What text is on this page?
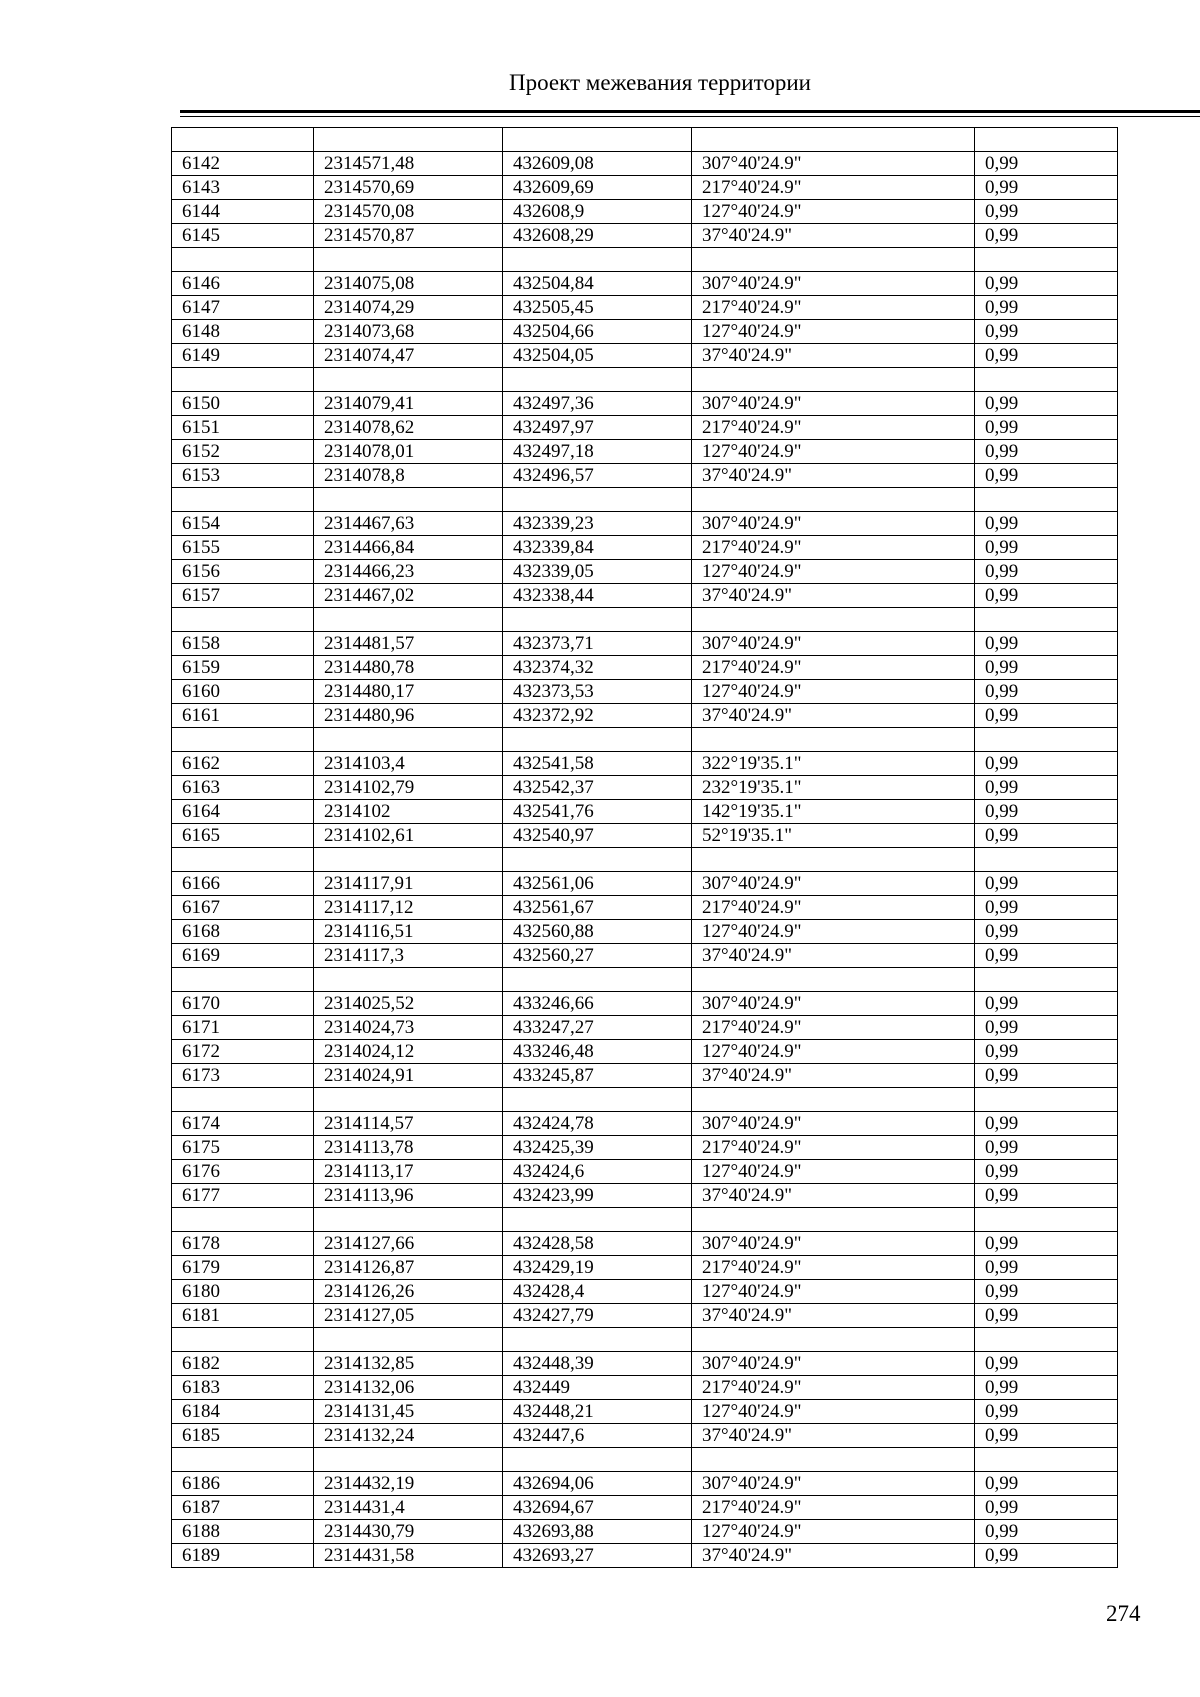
Проект межевания территории

6142	2314571,48	432609,08	307°40'24.9"	0,99
6143	2314570,69	432609,69	217°40'24.9"	0,99
6144	2314570,08	432608,9	127°40'24.9"	0,99
6145	2314570,87	432608,29	37°40'24.9"	0,99

6146	2314075,08	432504,84	307°40'24.9"	0,99
6147	2314074,29	432505,45	217°40'24.9"	0,99
6148	2314073,68	432504,66	127°40'24.9"	0,99
6149	2314074,47	432504,05	37°40'24.9"	0,99

6150	2314079,41	432497,36	307°40'24.9"	0,99
6151	2314078,62	432497,97	217°40'24.9"	0,99
6152	2314078,01	432497,18	127°40'24.9"	0,99
6153	2314078,8	432496,57	37°40'24.9"	0,99

6154	2314467,63	432339,23	307°40'24.9"	0,99
6155	2314466,84	432339,84	217°40'24.9"	0,99
6156	2314466,23	432339,05	127°40'24.9"	0,99
6157	2314467,02	432338,44	37°40'24.9"	0,99

6158	2314481,57	432373,71	307°40'24.9"	0,99
6159	2314480,78	432374,32	217°40'24.9"	0,99
6160	2314480,17	432373,53	127°40'24.9"	0,99
6161	2314480,96	432372,92	37°40'24.9"	0,99

6162	2314103,4	432541,58	322°19'35.1"	0,99
6163	2314102,79	432542,37	232°19'35.1"	0,99
6164	2314102	432541,76	142°19'35.1"	0,99
6165	2314102,61	432540,97	52°19'35.1"	0,99

6166	2314117,91	432561,06	307°40'24.9"	0,99
6167	2314117,12	432561,67	217°40'24.9"	0,99
6168	2314116,51	432560,88	127°40'24.9"	0,99
6169	2314117,3	432560,27	37°40'24.9"	0,99

6170	2314025,52	433246,66	307°40'24.9"	0,99
6171	2314024,73	433247,27	217°40'24.9"	0,99
6172	2314024,12	433246,48	127°40'24.9"	0,99
6173	2314024,91	433245,87	37°40'24.9"	0,99

6174	2314114,57	432424,78	307°40'24.9"	0,99
6175	2314113,78	432425,39	217°40'24.9"	0,99
6176	2314113,17	432424,6	127°40'24.9"	0,99
6177	2314113,96	432423,99	37°40'24.9"	0,99

6178	2314127,66	432428,58	307°40'24.9"	0,99
6179	2314126,87	432429,19	217°40'24.9"	0,99
6180	2314126,26	432428,4	127°40'24.9"	0,99
6181	2314127,05	432427,79	37°40'24.9"	0,99

6182	2314132,85	432448,39	307°40'24.9"	0,99
6183	2314132,06	432449	217°40'24.9"	0,99
6184	2314131,45	432448,21	127°40'24.9"	0,99
6185	2314132,24	432447,6	37°40'24.9"	0,99

6186	2314432,19	432694,06	307°40'24.9"	0,99
6187	2314431,4	432694,67	217°40'24.9"	0,99
6188	2314430,79	432693,88	127°40'24.9"	0,99
6189	2314431,58	432693,27	37°40'24.9"	0,99
274
